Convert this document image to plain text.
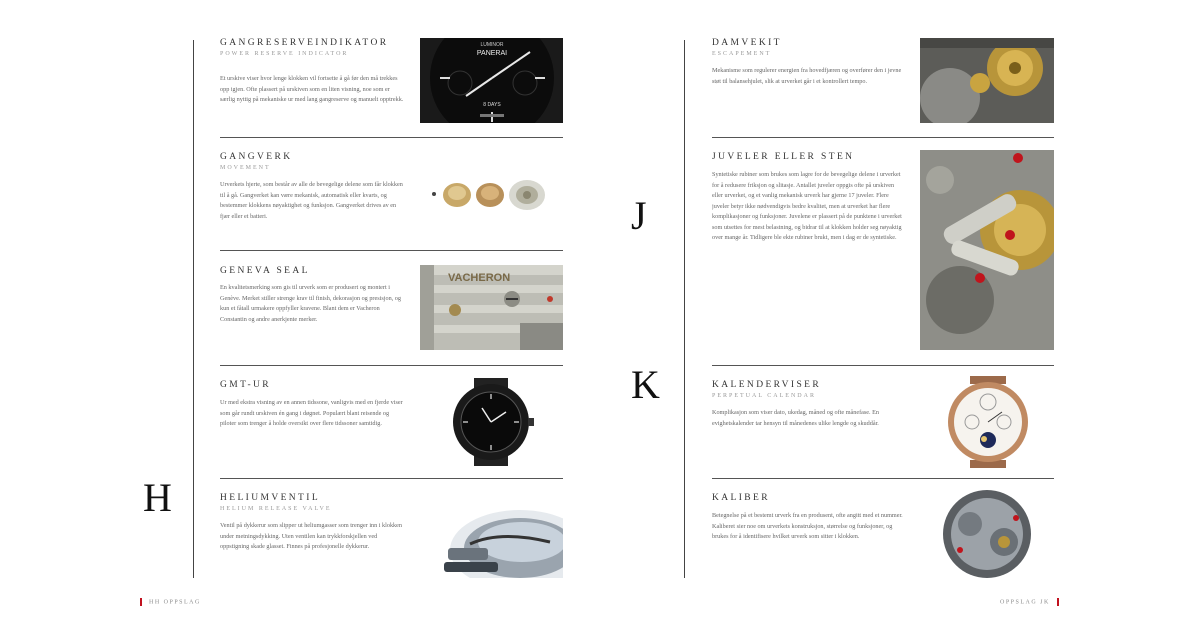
H
J
K
GANGRESERVEINDIKATOR
POWER RESERVE INDICATOR
Et urskive viser hvor lenge klokken vil fortsette å gå før den må trekkes opp igjen. Ofte plassert på urskiven som en liten visning, noe som er særlig nyttig på mekaniske ur med lang gangreserve og manuelt opptrekk.
LUMINOR
PANERAI
8 DAYS
GANGVERK
MOVEMENT
Urverkets hjerte, som består av alle de bevegelige delene som får klokken til å gå. Gangverket kan være mekanisk, automatisk eller kvarts, og bestemmer klokkens nøyaktighet og funksjon. Gangverket drives av en fjær eller et batteri.
GENEVA SEAL
En kvalitetsmerking som gis til urverk som er produsert og montert i Genève. Merket stiller strenge krav til finish, dekorasjon og presisjon, og kun et fåtall urmakere oppfyller kravene. Blant dem er Vacheron Constantin og andre anerkjente merker.
VACHERON
GMT-UR
Ur med ekstra visning av en annen tidssone, vanligvis med en fjerde viser som går rundt urskiven én gang i døgnet. Populært blant reisende og piloter som trenger å holde oversikt over flere tidssoner samtidig.
HELIUMVENTIL
HELIUM RELEASE VALVE
Ventil på dykkerur som slipper ut heliumgasser som trenger inn i klokken under metningsdykking. Uten ventilen kan trykkforskjellen ved oppstigning skade glasset. Finnes på profesjonelle dykkerur.
DAMVEKIT
ESCAPEMENT
Mekanisme som regulerer energien fra hovedfjæren og overfører den i jevne støt til balansehjulet, slik at urverket går i et kontrollert tempo.
JUVELER ELLER STEN
Syntetiske rubiner som brukes som lagre for de bevegelige delene i urverket for å redusere friksjon og slitasje. Antallet juveler oppgis ofte på urskiven eller urverket, og et vanlig mekanisk urverk har gjerne 17 juveler. Flere juveler betyr ikke nødvendigvis bedre kvalitet, men at urverket har flere komplikasjoner og funksjoner. Juvelene er plassert på de punktene i urverket som utsettes for mest belastning, og bidrar til at klokken holder seg nøyaktig over mange år. Tidligere ble ekte rubiner brukt, men i dag er de syntetiske.
KALENDERVISER
PERPETUAL CALENDAR
Komplikasjon som viser dato, ukedag, måned og ofte månefase. En evighetskalender tar hensyn til månedenes ulike lengde og skuddår.
KALIBER
Betegnelse på et bestemt urverk fra en produsent, ofte angitt med et nummer. Kaliberet sier noe om urverkets konstruksjon, størrelse og funksjoner, og brukes for å identifisere hvilket urverk som sitter i klokken.
HH OPPSLAG	OPPSLAG JK
